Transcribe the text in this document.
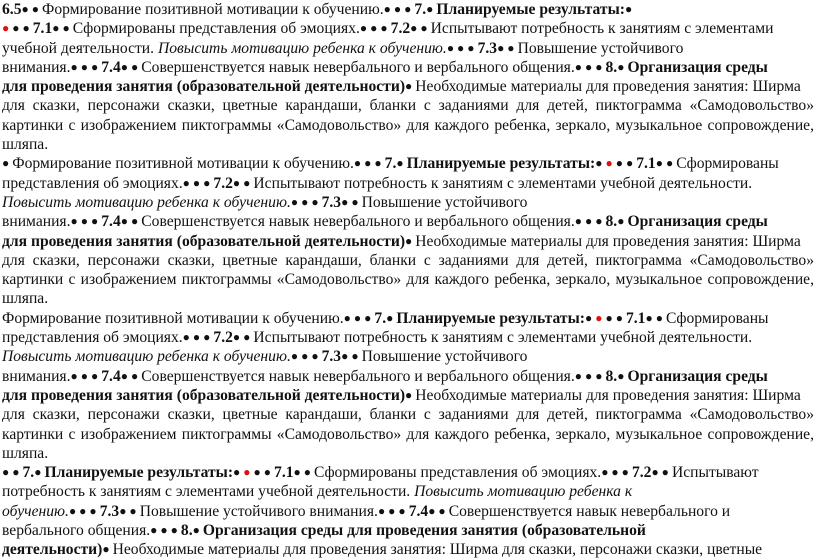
6.5● ● Формирование позитивной мотивации к обучению.● ● ● 7.● Планируемые результаты:●
● ● ● 7.1● ● Сформированы представления об эмоциях.● ● ● 7.2● ● Испытывают потребность к занятиям с элементами
учебной деятельности. Повысить мотивацию ребенка к обучению.● ● ● 7.3● ● Повышение устойчивого
внимания.● ● ● 7.4● ● Совершенствуется навык невербального и вербального общения.● ● ● 8.● Организация среды
для проведения занятия (образовательной деятельности)● Необходимые материалы для проведения занятия: Ширма
для сказки, персонажи сказки, цветные карандаши, бланки с заданиями для детей, пиктограмма «Самодовольство»
картинки с изображением пиктограммы «Самодовольство» для каждого ребенка, зеркало, музыкальное сопровождение,
шляпа.
● Формирование позитивной мотивации к обучению.● ● ● 7.● Планируемые результаты:● ● ● ● 7.1● ● Сформированы
представления об эмоциях.● ● ● 7.2● ● Испытывают потребность к занятиям с элементами учебной деятельности.
Повысить мотивацию ребенка к обучению.● ● ● 7.3● ● Повышение устойчивого
внимания.● ● ● 7.4● ● Совершенствуется навык невербального и вербального общения.● ● ● 8.● Организация среды
для проведения занятия (образовательной деятельности)● Необходимые материалы для проведения занятия: Ширма
для сказки, персонажи сказки, цветные карандаши, бланки с заданиями для детей, пиктограмма «Самодовольство»
картинки с изображением пиктограммы «Самодовольство» для каждого ребенка, зеркало, музыкальное сопровождение,
шляпа.
Формирование позитивной мотивации к обучению.● ● ● 7.● Планируемые результаты:● ● ● ● 7.1● ● Сформированы
представления об эмоциях.● ● ● 7.2● ● Испытывают потребность к занятиям с элементами учебной деятельности.
Повысить мотивацию ребенка к обучению.● ● ● 7.3● ● Повышение устойчивого
внимания.● ● ● 7.4● ● Совершенствуется навык невербального и вербального общения.● ● ● 8.● Организация среды
для проведения занятия (образовательной деятельности)● Необходимые материалы для проведения занятия: Ширма
для сказки, персонажи сказки, цветные карандаши, бланки с заданиями для детей, пиктограмма «Самодовольство»
картинки с изображением пиктограммы «Самодовольство» для каждого ребенка, зеркало, музыкальное сопровождение,
шляпа.
● ● 7.● Планируемые результаты:● ● ● ● 7.1● ● Сформированы представления об эмоциях.● ● ● 7.2● ● Испытывают
потребность к занятиям с элементами учебной деятельности. Повысить мотивацию ребенка к
обучению.● ● ● 7.3● ● Повышение устойчивого внимания.● ● ● 7.4● ● Совершенствуется навык невербального и
вербального общения.● ● ● 8.● Организация среды для проведения занятия (образовательной
деятельности)● Необходимые материалы для проведения занятия: Ширма для сказки, персонажи сказки, цветные
